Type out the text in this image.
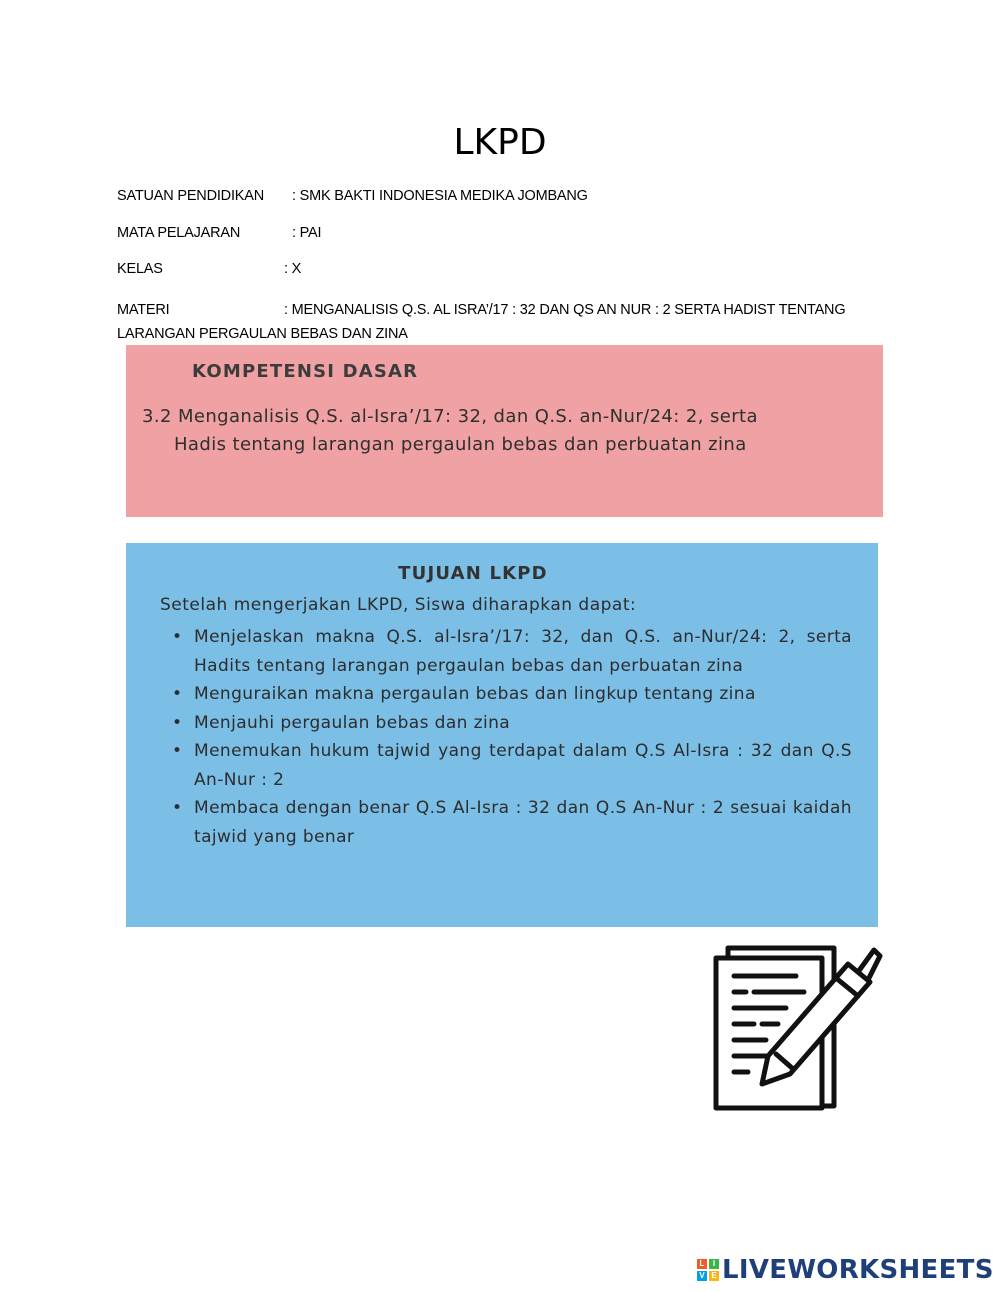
LKPD
SATUAN PENDIDIKAN : SMK BAKTI INDONESIA MEDIKA JOMBANG
MATA PELAJARAN	: PAI
KELAS	: X
MATERI	: MENGANALISIS Q.S. AL ISRA’/17 : 32 DAN QS AN NUR : 2 SERTA HADIST TENTANG LARANGAN PERGAULAN BEBAS DAN ZINA
KOMPETENSI DASAR
3.2 Menganalisis Q.S. al-Isra’/17: 32, dan Q.S. an-Nur/24: 2, serta
Hadis tentang larangan pergaulan bebas dan perbuatan zina
TUJUAN LKPD
Setelah mengerjakan LKPD, Siswa diharapkan dapat:
• Menjelaskan makna Q.S. al-Isra’/17: 32, dan Q.S. an-Nur/24: 2, serta Hadits tentang larangan pergaulan bebas dan perbuatan zina
• Menguraikan makna pergaulan bebas dan lingkup tentang zina
• Menjauhi pergaulan bebas dan zina
• Menemukan hukum tajwid yang terdapat dalam Q.S Al-Isra : 32 dan Q.S An-Nur : 2
• Membaca dengan benar Q.S Al-Isra : 32 dan Q.S An-Nur : 2 sesuai kaidah tajwid yang benar
L	I
V E LIVEWORKSHEETS
